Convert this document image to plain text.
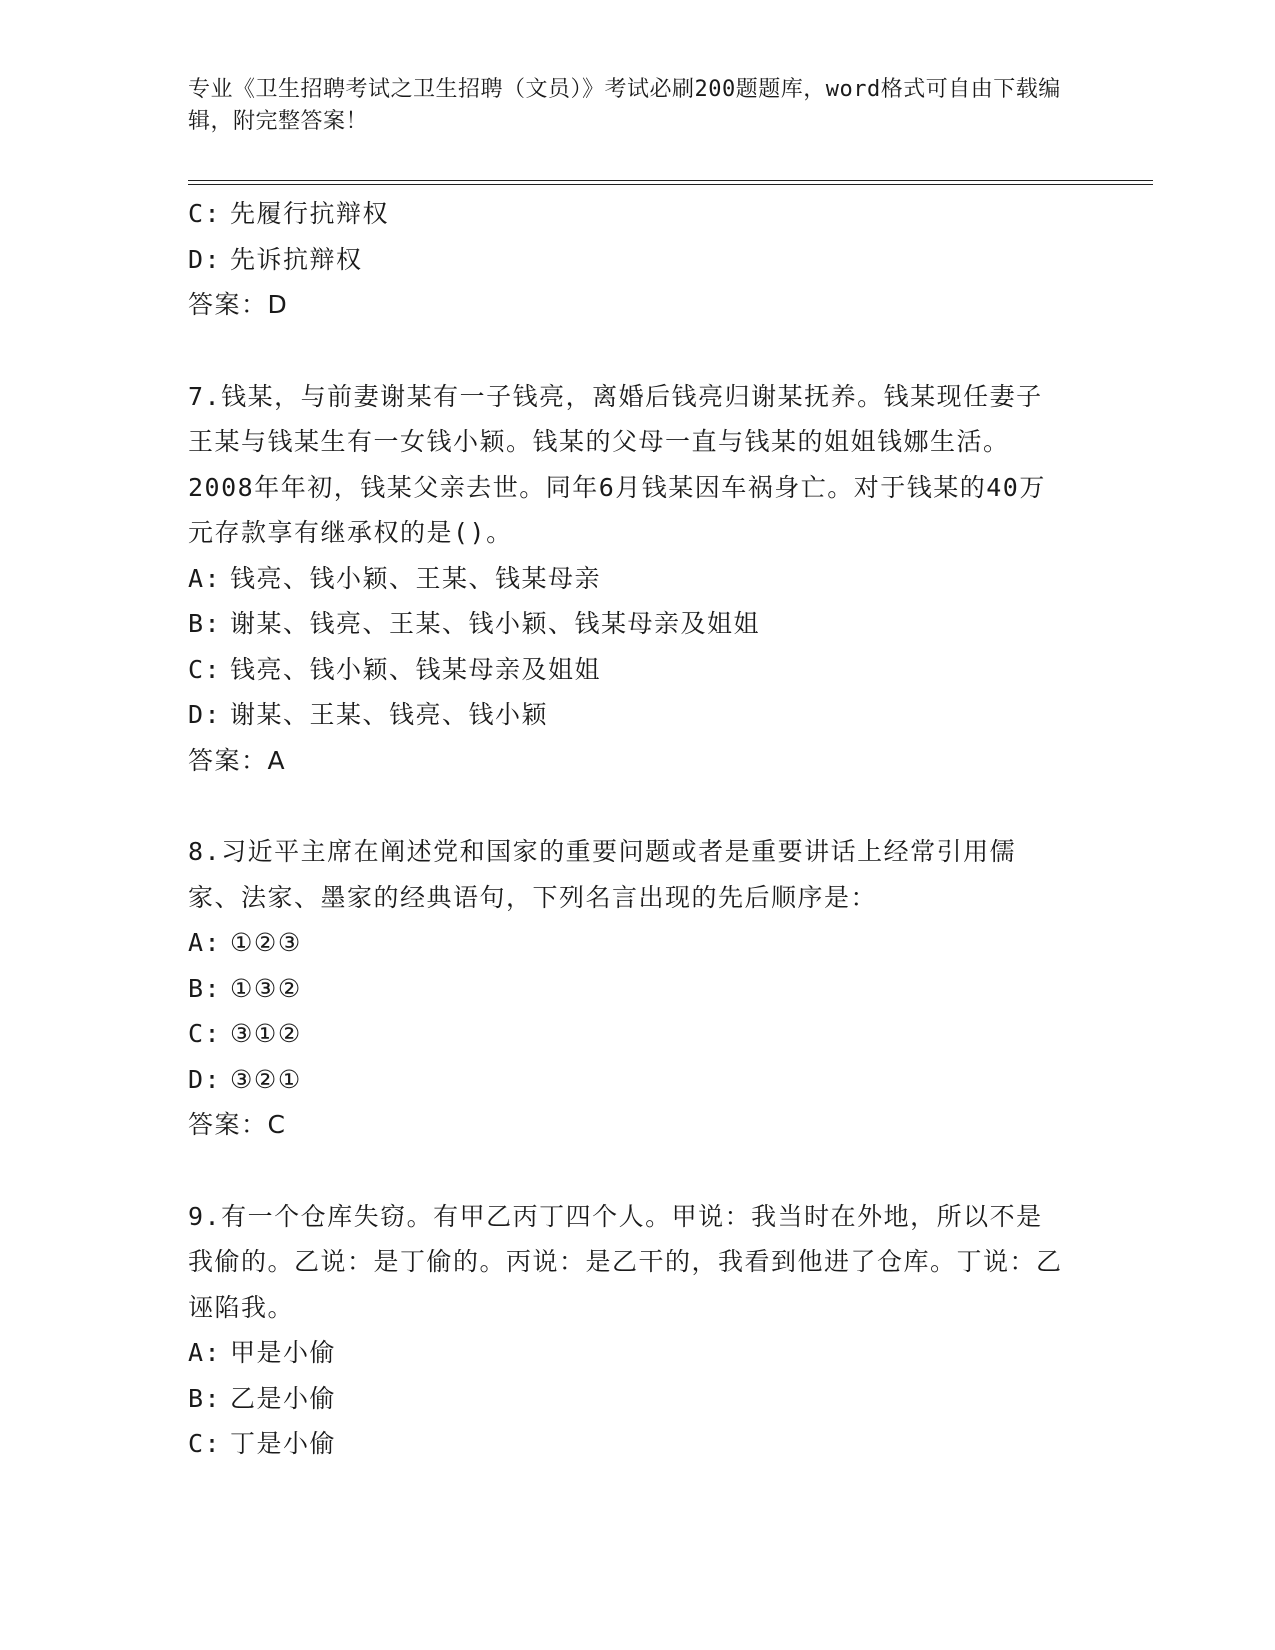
专业《卫生招聘考试之卫生招聘（文员）》考试必刷200题题库，word格式可自由下载编辑，附完整答案！

C: 先履行抗辩权

D: 先诉抗辩权

答案：D

7.钱某，与前妻谢某有一子钱亮，离婚后钱亮归谢某抚养。钱某现任妻子王某与钱某生有一女钱小颖。钱某的父母一直与钱某的姐姐钱娜生活。2008年年初，钱某父亲去世。同年6月钱某因车祸身亡。对于钱某的40万元存款享有继承权的是()。

A: 钱亮、钱小颖、王某、钱某母亲

B: 谢某、钱亮、王某、钱小颖、钱某母亲及姐姐

C: 钱亮、钱小颖、钱某母亲及姐姐

D: 谢某、王某、钱亮、钱小颖

答案：A

8.习近平主席在阐述党和国家的重要问题或者是重要讲话上经常引用儒家、法家、墨家的经典语句，下列名言出现的先后顺序是：

A: ①②③

B: ①③②

C: ③①②

D: ③②①

答案：C

9.有一个仓库失窃。有甲乙丙丁四个人。甲说：我当时在外地，所以不是我偷的。乙说：是丁偷的。丙说：是乙干的，我看到他进了仓库。丁说：乙诬陷我。

A: 甲是小偷

B: 乙是小偷

C: 丁是小偷
